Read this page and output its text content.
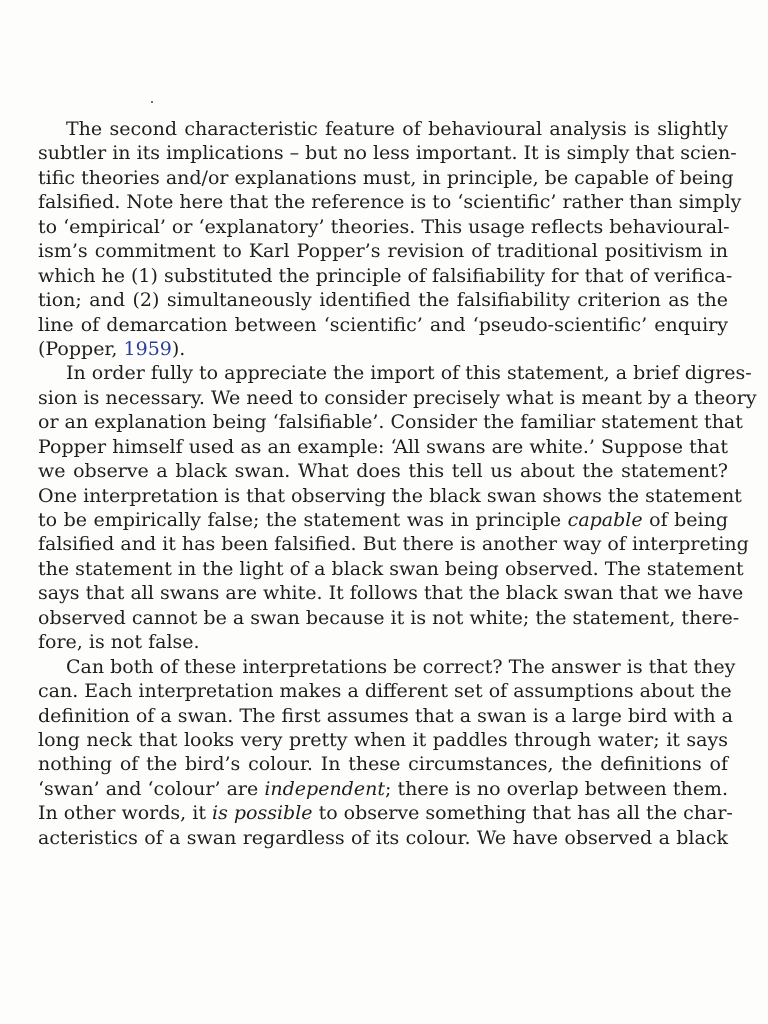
The second characteristic feature of behavioural analysis is slightly
subtler in its implications – but no less important. It is simply that scien-
tific theories and/or explanations must, in principle, be capable of being
falsified. Note here that the reference is to ‘scientific’ rather than simply
to ‘empirical’ or ‘explanatory’ theories. This usage reflects behavioural-
ism’s commitment to Karl Popper’s revision of traditional positivism in
which he (1) substituted the principle of falsifiability for that of verifica-
tion; and (2) simultaneously identified the falsifiability criterion as the
line of demarcation between ‘scientific’ and ‘pseudo-scientific’ enquiry
(Popper, 1959).
In order fully to appreciate the import of this statement, a brief digres-
sion is necessary. We need to consider precisely what is meant by a theory
or an explanation being ‘falsifiable’. Consider the familiar statement that
Popper himself used as an example: ‘All swans are white.’ Suppose that
we observe a black swan. What does this tell us about the statement?
One interpretation is that observing the black swan shows the statement
to be empirically false; the statement was in principle capable of being
falsified and it has been falsified. But there is another way of interpreting
the statement in the light of a black swan being observed. The statement
says that all swans are white. It follows that the black swan that we have
observed cannot be a swan because it is not white; the statement, there-
fore, is not false.
Can both of these interpretations be correct? The answer is that they
can. Each interpretation makes a different set of assumptions about the
definition of a swan. The first assumes that a swan is a large bird with a
long neck that looks very pretty when it paddles through water; it says
nothing of the bird’s colour. In these circumstances, the definitions of
‘swan’ and ‘colour’ are independent; there is no overlap between them.
In other words, it is possible to observe something that has all the char-
acteristics of a swan regardless of its colour. We have observed a black
